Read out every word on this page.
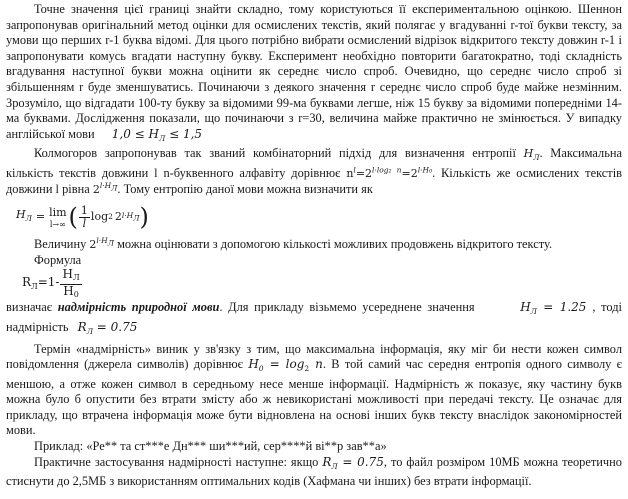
Точне значення цієї границі знайти складно, тому користуються її експериментальною оцінкою. Шеннон запропонував оригінальний метод оцінки для осмислених текстів, який полягає у вгадуванні r-тої букви тексту, за умови що перших r-1 буква відомі. Для цього потрібно вибрати осмислений відрізок відкритого тексту довжин r-1 і запропонувати комусь вгадати наступну букву. Експеримент необхідно повторити багатократно, тоді складність вгадування наступної букви можна оцінити як середнє число спроб. Очевидно, що середнє число спроб зі збільшенням r буде зменшуватись. Починаючи з деякого значення r середнє число спроб буде майже незмінним. Зрозуміло, що відгадати 100-ту букву за відомими 99-ма буквами легше, ніж 15 букву за відомими попередніми 14-ма буквами. Дослідження показали, що починаючи з r=30, величина майже практично не змінюється. У випадку англійської мови $1,0 \le H_Л \le 1,5$

Колмогоров запропонував так званий комбінаторний підхід для визначення ентропії $H_Л$. Максимальна кількість текстів довжини l n-буквенного алфавіту дорівнює $n^l=2^{l\cdot log_2 n}=2^{l\cdot H_0}$. Кількість же осмислених текстів довжини l рівна $2^{l\cdot H_Л}$. Тому ентропію даної мови можна визначити як

$H_Л = \lim$
l→∞ ( $\frac{1}{l}$ log 2 2 $l\cdot H_Л$ )

Величину $2^{l\cdot H_Л}$ можна оцінювати з допомогою кількості можливих продовжень відкритого тексту.

Формула

$R_Л=1- \frac{HЛ}{H0}$

визначає надмірність природної мови. Для прикладу візьмемо усереднене значення	$H_Л = 1.25$ , тоді надмірність $R_Л = 0.75$

Термін «надмірність» виник у зв'язку з тим, що максимальна інформація, яку міг би нести кожен символ повідомлення (джерела символів) дорівнює $H_0 = \log_2 n$. В той самий час середня ентропія одного символу є меншою, а отже кожен символ в середньому несе менше інформації. Надмірність ж показує, яку частину букв можна було б опустити без втрати змісту або ж невикористані можливості при передачі тексту. Це означає для прикладу, що втрачена інформація може бути відновлена на основі інших букв тексту внаслідок закономірностей мови.

Приклад: «Ре** та ст***е Дн*** ши***ий, сер****й ві**р зав**а»

Практичне застосування надмірності наступне: якщо $R_Л = 0.75$, то файл розміром 10МБ можна теоретично стиснути до 2,5МБ з використанням оптимальних кодів (Хафмана чи інших) без втрати інформації.
